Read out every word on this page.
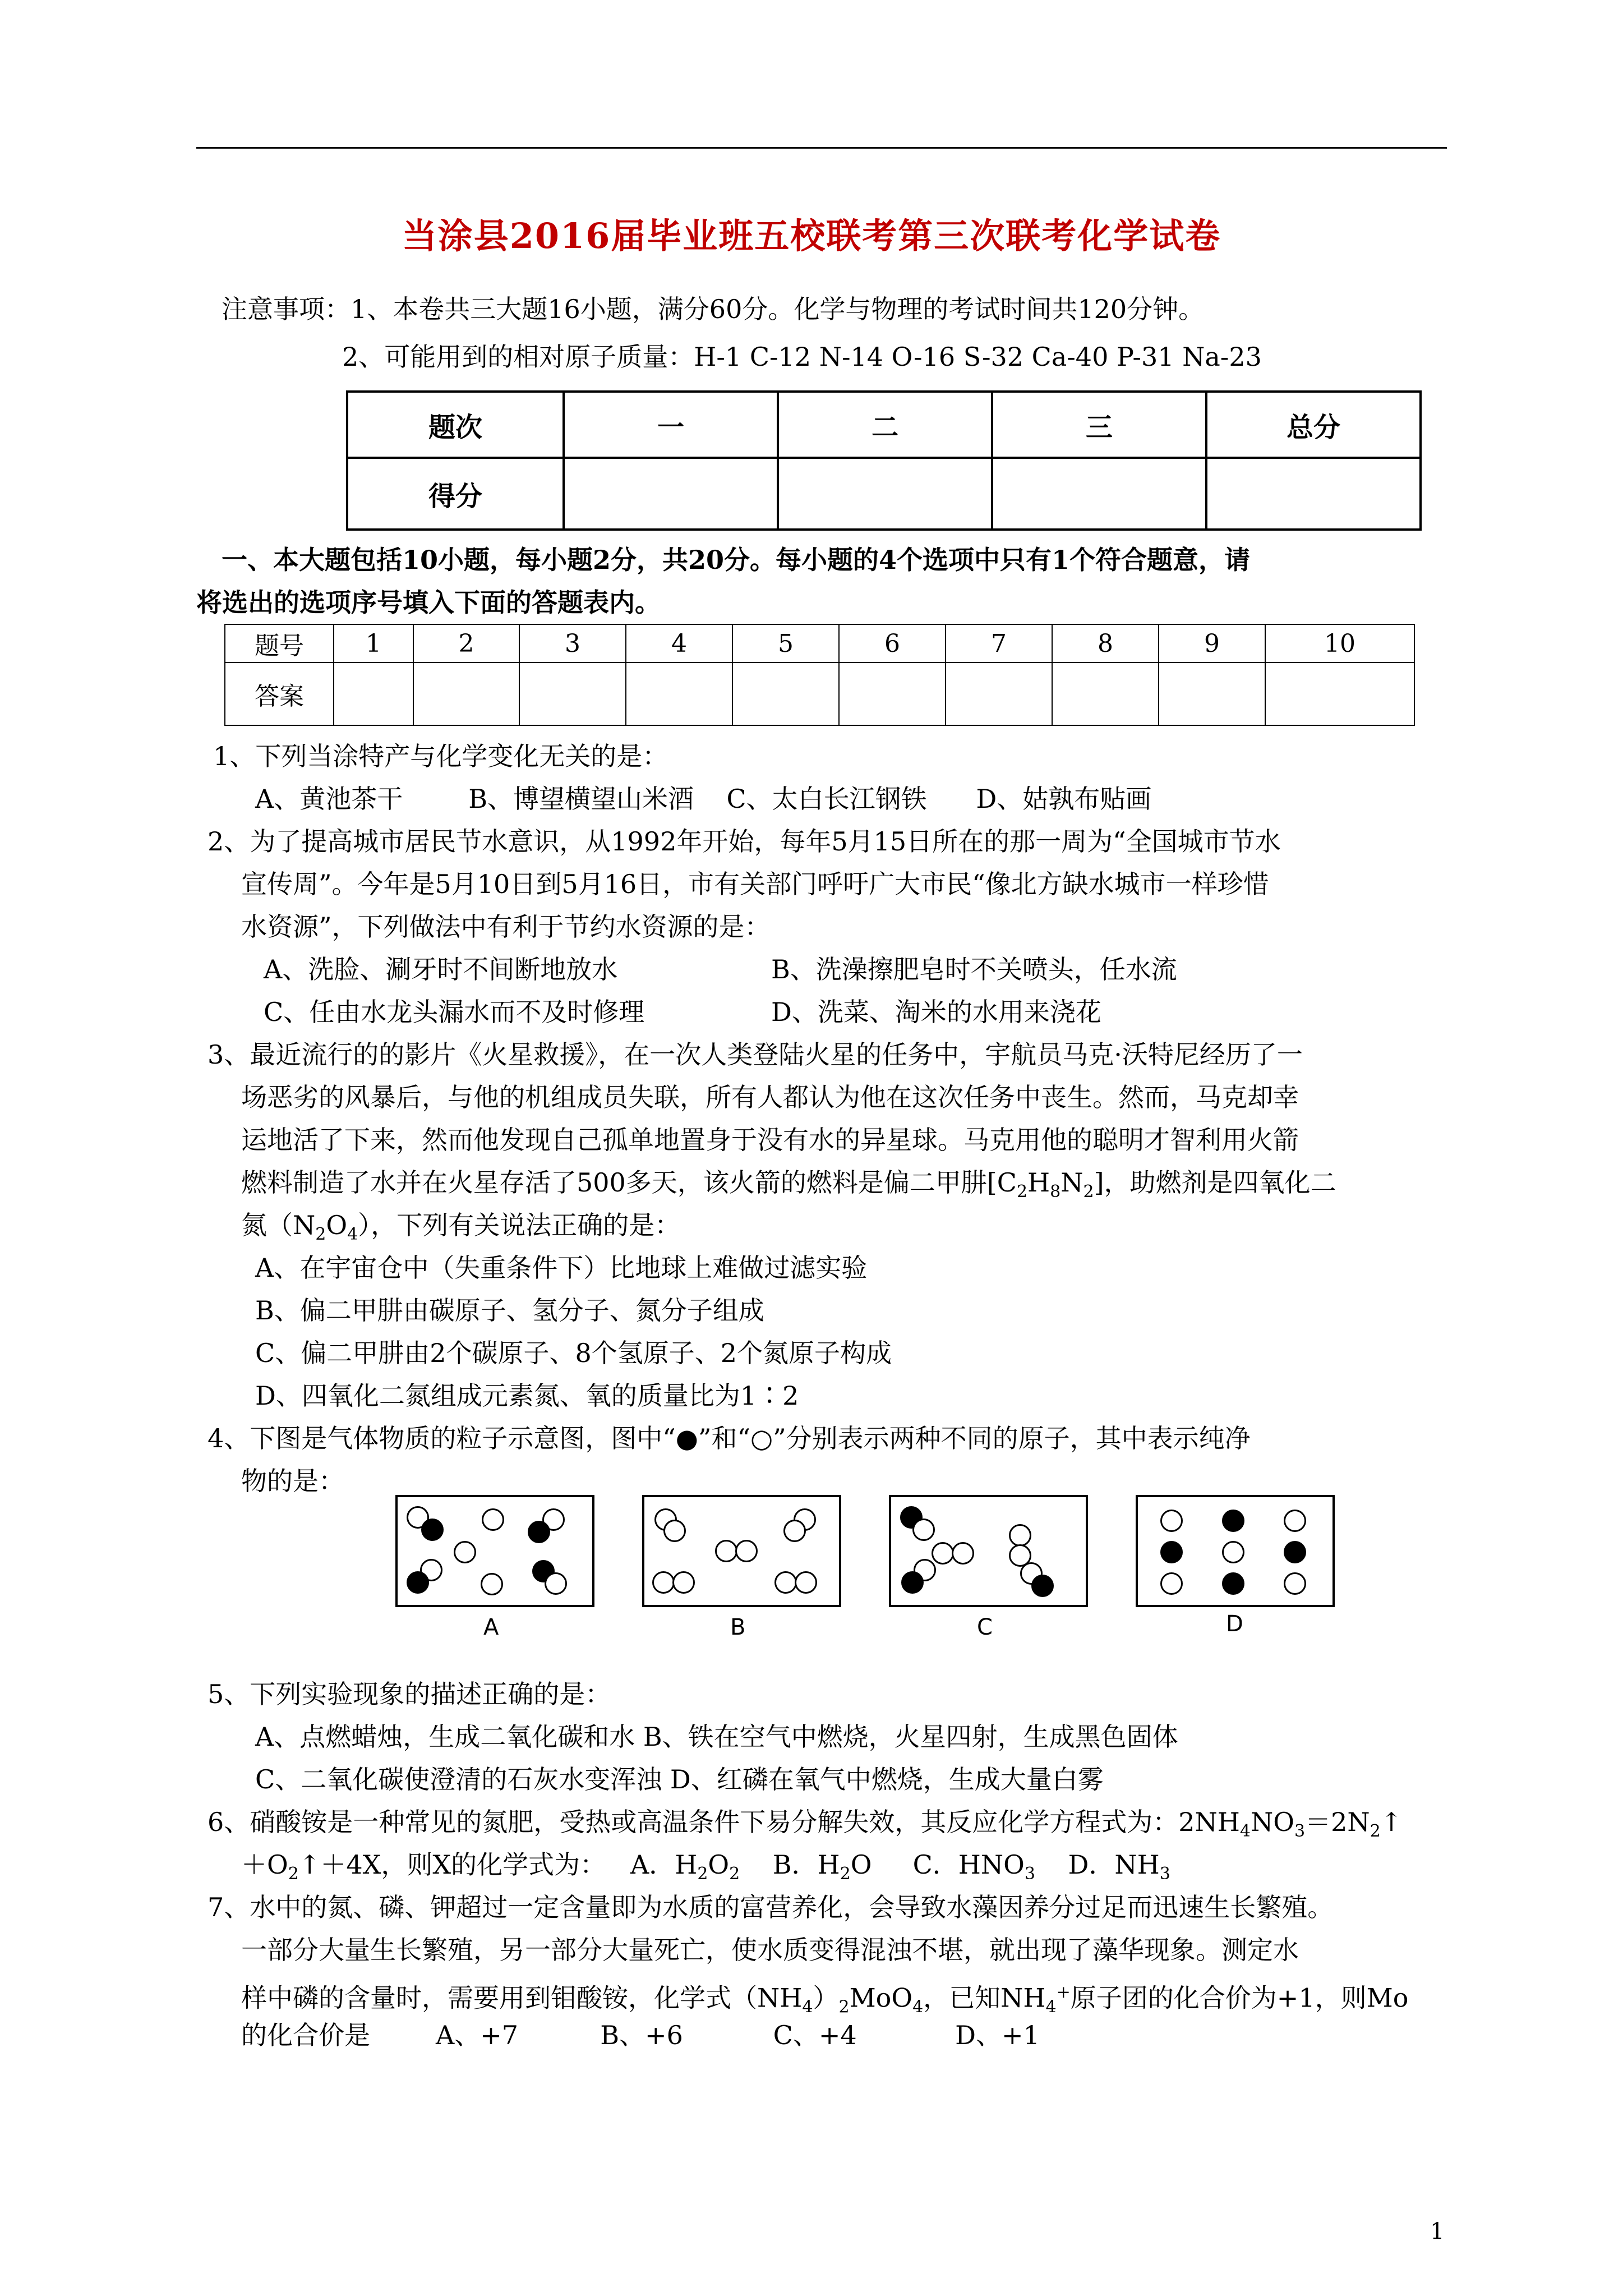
当涂县2016届毕业班五校联考第三次联考化学试卷
注意事项：1、本卷共三大题16小题，满分60分。化学与物理的考试时间共120分钟。
2、可能用到的相对原子质量：H-1 C-12 N-14 O-16 S-32 Ca-40 P-31 Na-23
题次	一	二	三	总分
得分				
一、本大题包括10小题，每小题2分，共20分。每小题的4个选项中只有1个符合题意，请
将选出的选项序号填入下面的答题表内。
题号	1	2	3	4	5	6	7	8	9	10
答案										
1、下列当涂特产与化学变化无关的是：
A、黄池茶干        B、博望横望山米酒    C、太白长江钢铁      D、姑孰布贴画
2、为了提高城市居民节水意识，从1992年开始，每年5月15日所在的那一周为“全国城市节水
宣传周”。今年是5月10日到5月16日，市有关部门呼吁广大市民“像北方缺水城市一样珍惜
水资源”，下列做法中有利于节约水资源的是：
A、洗脸、涮牙时不间断地放水	B、洗澡擦肥皂时不关喷头，任水流
C、任由水龙头漏水而不及时修理	D、洗菜、淘米的水用来浇花
3、最近流行的的影片《火星救援》，在一次人类登陆火星的任务中，宇航员马克·沃特尼经历了一
场恶劣的风暴后，与他的机组成员失联，所有人都认为他在这次任务中丧生。然而，马克却幸
运地活了下来，然而他发现自己孤单地置身于没有水的异星球。马克用他的聪明才智利用火箭
燃料制造了水并在火星存活了500多天，该火箭的燃料是偏二甲肼$[C_2H_8N_2]$，助燃剂是四氧化二
氮$(N_2O_4)$，下列有关说法正确的是：
A、在宇宙仓中（失重条件下）比地球上难做过滤实验
B、偏二甲肼由碳原子、氢分子、氮分子组成
C、偏二甲肼由2个碳原子、8个氢原子、2个氮原子构成
D、四氧化二氮组成元素氮、氧的质量比为1∶2
4、下图是气体物质的粒子示意图，图中“●”和“○”分别表示两种不同的原子，其中表示纯净
物的是：
A	B	C	D
5、下列实验现象的描述正确的是：
A、点燃蜡烛，生成二氧化碳和水 B、铁在空气中燃烧，火星四射，生成黑色固体
C、二氧化碳使澄清的石灰水变浑浊 D、红磷在氧气中燃烧，生成大量白雾
6、硝酸铵是一种常见的氮肥，受热或高温条件下易分解失效，其反应化学方程式为：$2NH_4NO_3=2N_2↑$
$+O_2↑+4X$，则X的化学式为：   A．$H_2O_2$    B．$H_2O$     C．$HNO_3$    D．$NH_3$
7、水中的氮、磷、钾超过一定含量即为水质的富营养化，会导致水藻因养分过足而迅速生长繁殖。
一部分大量生长繁殖，另一部分大量死亡，使水质变得混浊不堪，就出现了藻华现象。测定水
样中磷的含量时，需要用到钼酸铵，化学式$(NH_4)_2MoO_4$，已知$NH_4^+$原子团的化合价为+1，则Mo
的化合价是        A、+7          B、+6           C、+4            D、+1
1
